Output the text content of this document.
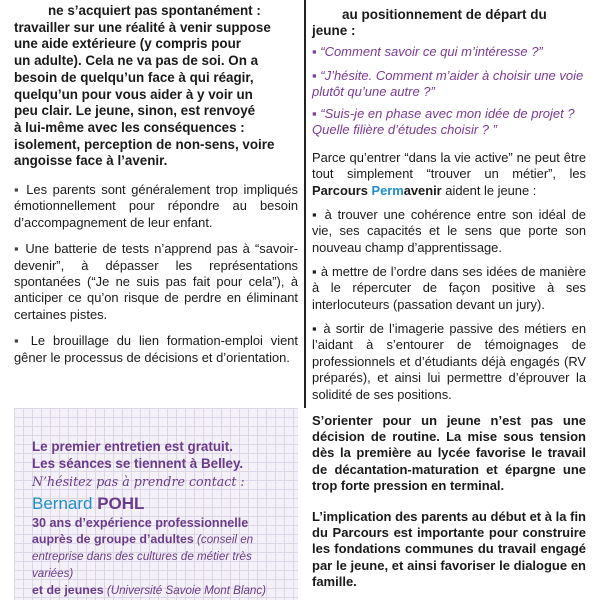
ne s’acquiert pas spontanément :
travailler sur une réalité à venir suppose
une aide extérieure (y compris pour
un adulte). Cela ne va pas de soi. On a
besoin de quelqu’un face à qui réagir,
quelqu’un pour vous aider à y voir un
peu clair. Le jeune, sinon, est renvoyé
à lui-même avec les conséquences :
isolement, perception de non-sens, voire
angoisse face à l’avenir.
▪ Les parents sont généralement trop impliqués émotionnellement pour répondre au besoin d’accompagnement de leur enfant.
▪ Une batterie de tests n’apprend pas à “savoir-devenir”, à dépasser les représentations spontanées (“Je ne suis pas fait pour cela”), à anticiper ce qu’on risque de perdre en éliminant certaines pistes.
▪ Le brouillage du lien formation-emploi vient gêner le processus de décisions et d’orientation.
Le premier entretien est gratuit.
Les séances se tiennent à Belley.
N’hésitez pas à prendre contact :
Bernard POHL
30 ans d’expérience professionnelle
auprès de groupe d’adultes (conseil en
entreprise dans des cultures de métier très variées)
et de jeunes (Université Savoie Mont Blanc)
au positionnement de départ du
jeune :
▪ “Comment savoir ce qui m’intéresse ?”
▪ “J’hésite. Comment m’aider à choisir une voie plutôt qu’une autre ?”
▪ “Suis-je en phase avec mon idée de projet ? Quelle filière d’études choisir ? ”
Parce qu’entrer “dans la vie active” ne peut être tout simplement “trouver un métier”, les Parcours Permavenir aident le jeune :
▪ à trouver une cohérence entre son idéal de vie, ses capacités et le sens que porte son nouveau champ d’apprentissage.
▪ à mettre de l’ordre dans ses idées de manière à le répercuter de façon positive à ses interlocuteurs (passation devant un jury).
▪ à sortir de l’imagerie passive des métiers en l’aidant à s’entourer de témoignages de professionnels et d’étudiants déjà engagés (RV préparés), et ainsi lui permettre d’éprouver la solidité de ses positions.
S’orienter pour un jeune n’est pas une décision de routine. La mise sous tension dès la première au lycée favorise le travail de décantation-maturation et épargne une trop forte pression en terminal.
L’implication des parents au début et à la fin du Parcours est importante pour construire les fondations communes du travail engagé par le jeune, et ainsi favoriser le dialogue en famille.
